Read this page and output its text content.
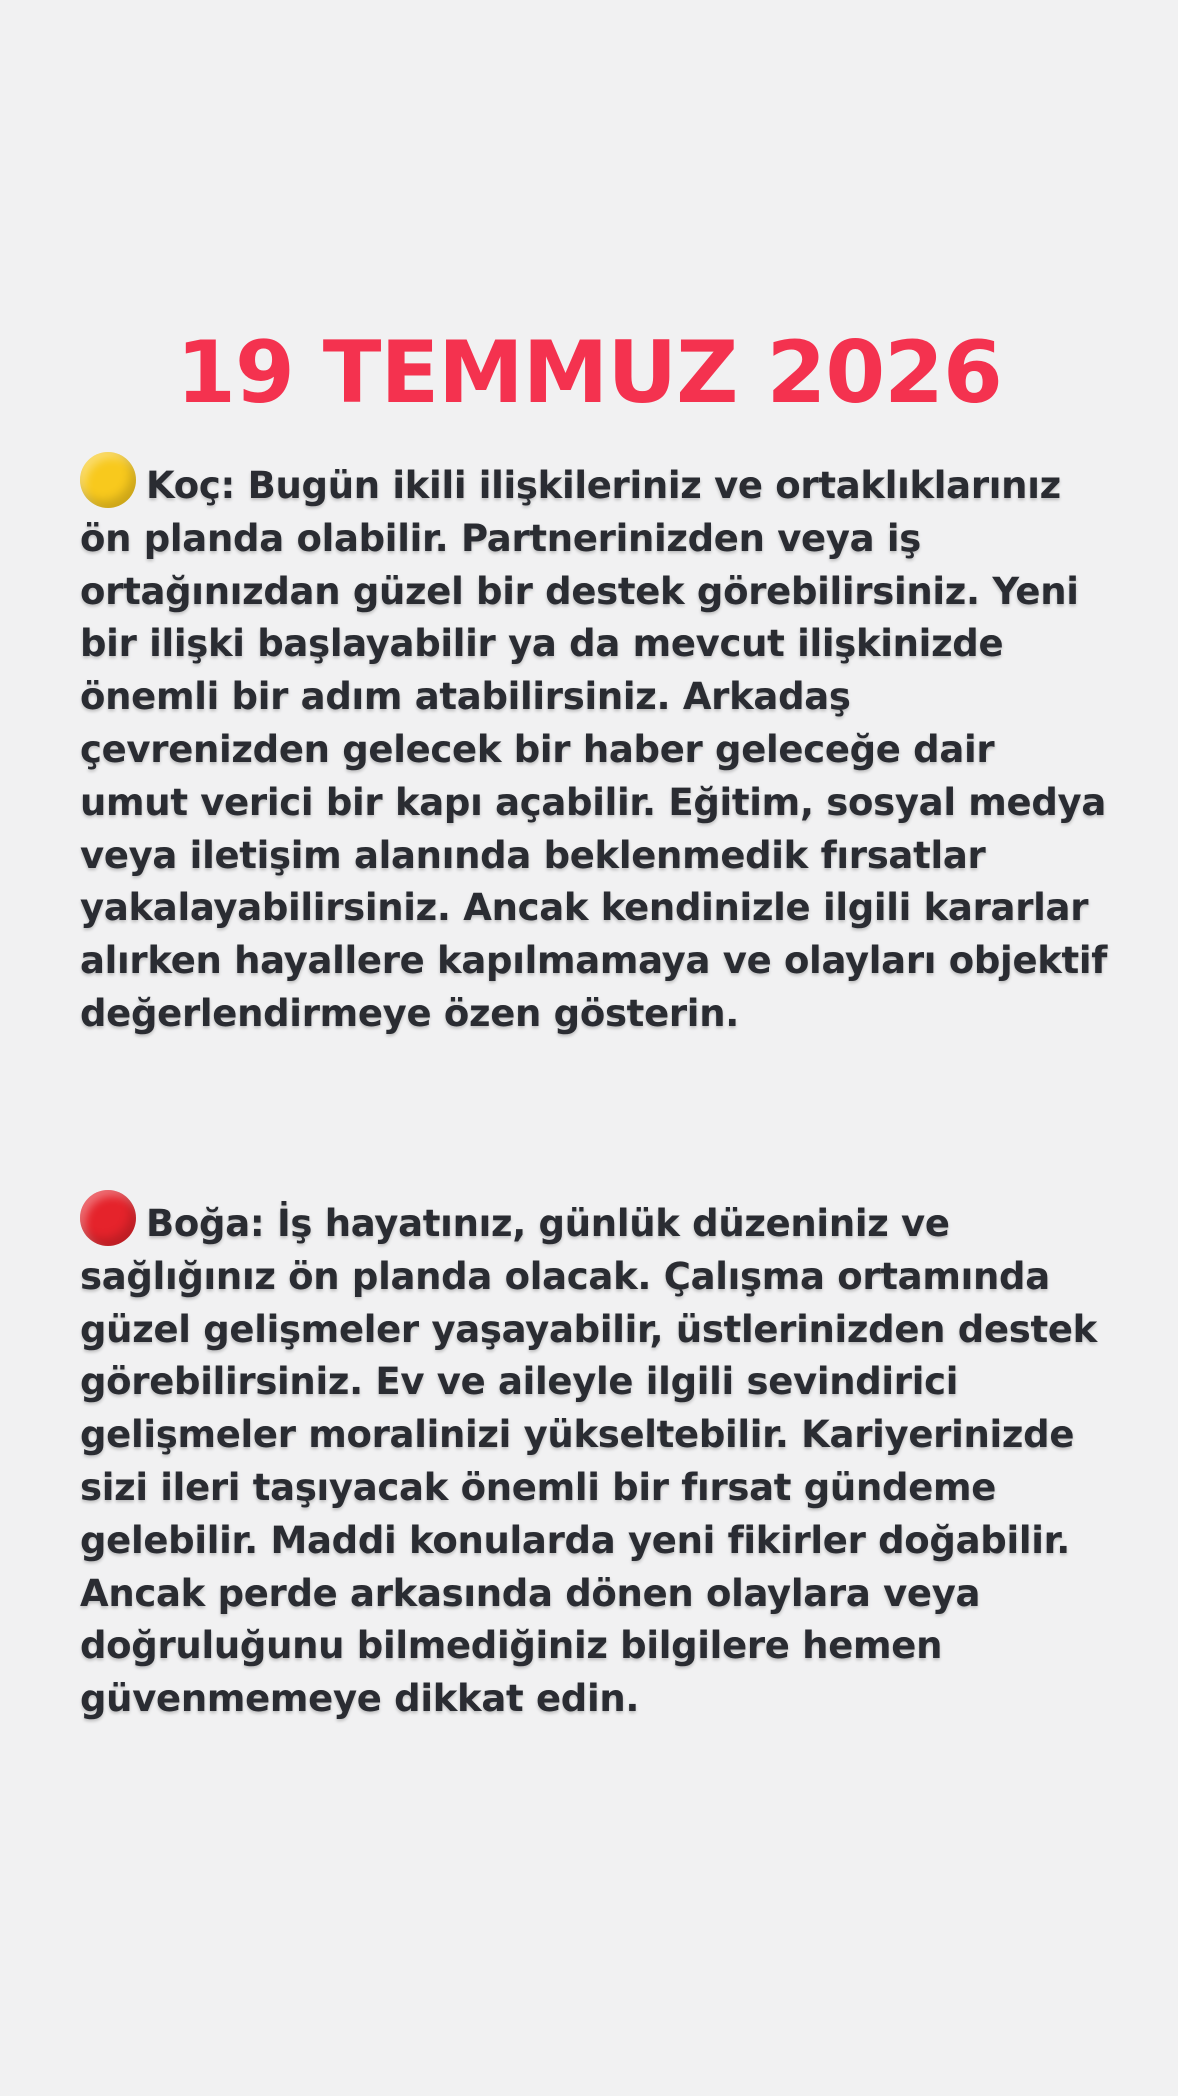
19 TEMMUZ 2026
Koç: Bugün ikili ilişkileriniz ve ortaklıklarınız ön planda olabilir. Partnerinizden veya iş ortağınızdan güzel bir destek görebilirsiniz. Yeni bir ilişki başlayabilir ya da mevcut ilişkinizde önemli bir adım atabilirsiniz. Arkadaş çevrenizden gelecek bir haber geleceğe dair umut verici bir kapı açabilir. Eğitim, sosyal medya veya iletişim alanında beklenmedik fırsatlar yakalayabilirsiniz. Ancak kendinizle ilgili kararlar alırken hayallere kapılmamaya ve olayları objektif değerlendirmeye özen gösterin.
Boğa: İş hayatınız, günlük düzeniniz ve sağlığınız ön planda olacak. Çalışma ortamında güzel gelişmeler yaşayabilir, üstlerinizden destek görebilirsiniz. Ev ve aileyle ilgili sevindirici gelişmeler moralinizi yükseltebilir. Kariyerinizde sizi ileri taşıyacak önemli bir fırsat gündeme gelebilir. Maddi konularda yeni fikirler doğabilir. Ancak perde arkasında dönen olaylara veya doğruluğunu bilmediğiniz bilgilere hemen güvenmemeye dikkat edin.
